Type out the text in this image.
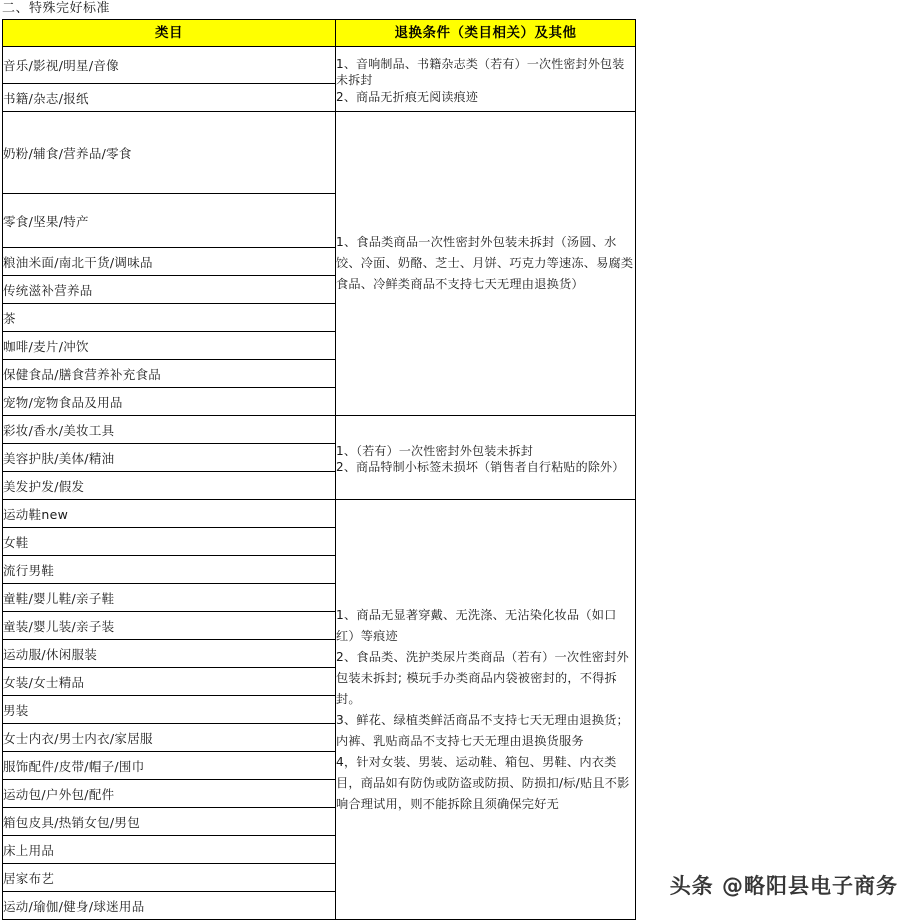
二、特殊完好标准
类目	退换条件（类目相关）及其他
音乐/影视/明星/音像	1、音响制品、书籍杂志类（若有）一次性密封外包装未拆封

2、商品无折痕无阅读痕迹

书籍/杂志/报纸	
奶粉/辅食/营养品/零食	1、食品类商品一次性密封外包装未拆封（汤圆、水饺、冷面、奶酪、芝士、月饼、巧克力等速冻、易腐类食品、冷鲜类商品不支持七天无理由退换货）

零食/坚果/特产	
粮油米面/南北干货/调味品	
传统滋补营养品	
茶	
咖啡/麦片/冲饮	
保健食品/膳食营养补充食品	
宠物/宠物食品及用品	
彩妆/香水/美妆工具	1、（若有）一次性密封外包装未拆封

2、商品特制小标签未损坏（销售者自行粘贴的除外）

美容护肤/美体/精油	
美发护发/假发	
运动鞋new	1、商品无显著穿戴、无洗涤、无沾染化妆品（如口红）等痕迹

2、食品类、洗护类尿片类商品（若有）一次性密封外包装未拆封; 模玩手办类商品内袋被密封的，不得拆封。

3、鲜花、绿植类鲜活商品不支持七天无理由退换货；内裤、乳贴商品不支持七天无理由退换货服务

4，针对女装、男装、运动鞋、箱包、男鞋、内衣类目，商品如有防伪或防盗或防损、防损扣/标/贴且不影响合理试用，则不能拆除且须确保完好无

女鞋	
流行男鞋	
童鞋/婴儿鞋/亲子鞋	
童装/婴儿装/亲子装	
运动服/休闲服装	
女装/女士精品	
男装	
女士内衣/男士内衣/家居服	
服饰配件/皮带/帽子/围巾	
运动包/户外包/配件	
箱包皮具/热销女包/男包	
床上用品	
居家布艺	
运动/瑜伽/健身/球迷用品	
头条 @略阳县电子商务
